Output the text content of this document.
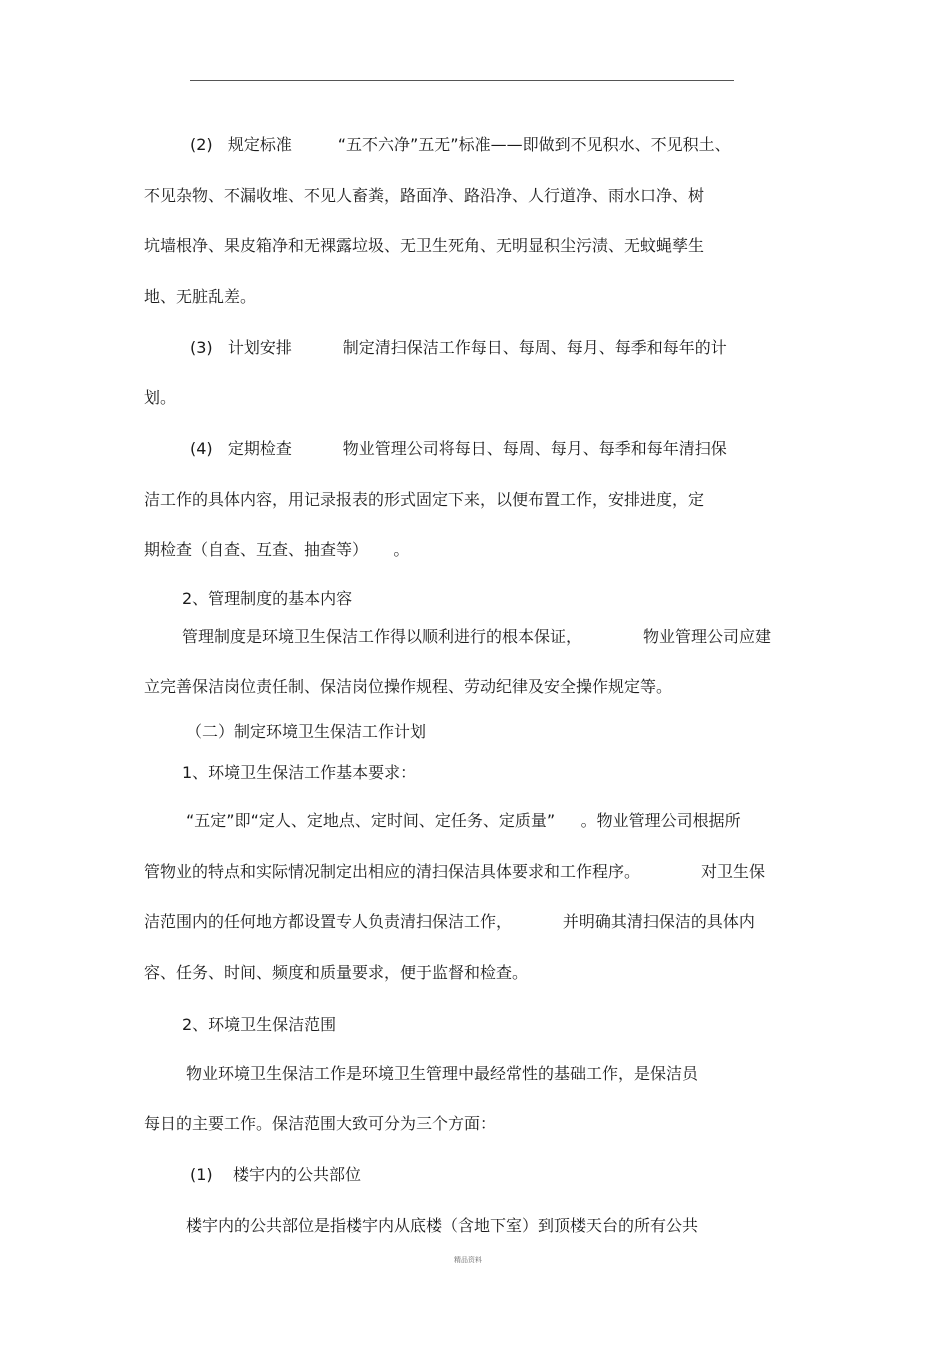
(2)   规定标准         “五不六净”五无”标准——即做到不见积水、不见积土、
不见杂物、不漏收堆、不见人畜粪，路面净、路沿净、人行道净、雨水口净、树
坑墙根净、果皮箱净和无裸露垃圾、无卫生死角、无明显积尘污渍、无蚊蝇孳生
地、无脏乱差。
(3)   计划安排          制定清扫保洁工作每日、每周、每月、每季和每年的计
划。
(4)   定期检查          物业管理公司将每日、每周、每月、每季和每年清扫保
洁工作的具体内容，用记录报表的形式固定下来，以便布置工作，安排进度，定
期检查（自查、互查、抽查等）     。
2、管理制度的基本内容
管理制度是环境卫生保洁工作得以顺利进行的根本保证，            物业管理公司应建
立完善保洁岗位责任制、保洁岗位操作规程、劳动纪律及安全操作规定等。
（二）制定环境卫生保洁工作计划
1、环境卫生保洁工作基本要求：
“五定”即“定人、定地点、定时间、定任务、定质量”     。物业管理公司根据所
管物业的特点和实际情况制定出相应的清扫保洁具体要求和工作程序。            对卫生保
洁范围内的任何地方都设置专人负责清扫保洁工作，          并明确其清扫保洁的具体内
容、任务、时间、频度和质量要求，便于监督和检查。
2、环境卫生保洁范围
物业环境卫生保洁工作是环境卫生管理中最经常性的基础工作，是保洁员
每日的主要工作。保洁范围大致可分为三个方面：
(1)    楼宇内的公共部位
楼宇内的公共部位是指楼宇内从底楼（含地下室）到顶楼天台的所有公共
精品资料
